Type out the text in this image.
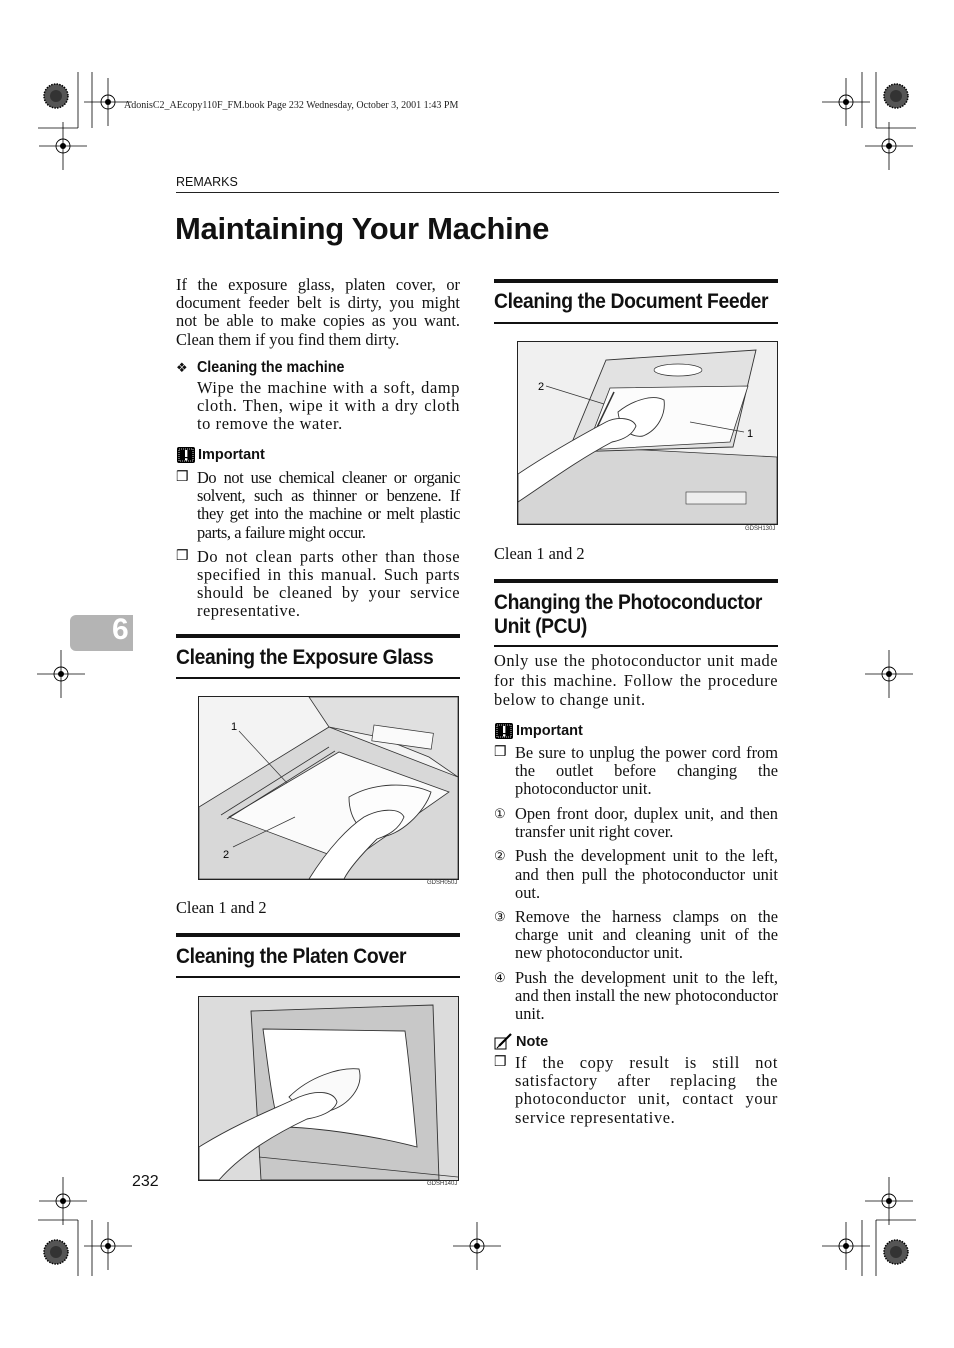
AdonisC2_AEcopy110F_FM.book Page 232 Wednesday, October 3, 2001 1:43 PM
REMARKS
Maintaining Your Machine
6

If the exposure glass, platen cover, or document feeder belt is dirty, you might not be able to make copies as you want. Clean them if you find them dirty.

❖ Cleaning the machine

Wipe the machine with a soft, damp cloth. Then, wipe it with a dry cloth to remove the water.

Important
❒ Do not use chemical cleaner or organic solvent, such as thinner or benzene. If they get into the machine or melt plastic parts, a failure might occur.
❒ Do not clean parts other than those specified in this manual. Such parts should be cleaned by your service representative.
Cleaning the Exposure Glass
1
2
GDSH050J
Clean 1 and 2
Cleaning the Platen Cover
GDSH140J
232
Cleaning the Document Feeder
2
1
GDSH130J
Clean 1 and 2
Changing the Photoconductor
Unit (PCU)

Only use the photoconductor unit made for this machine. Follow the procedure below to change unit.

Important
❒ Be sure to unplug the power cord from the outlet before changing the photoconductor unit.
① Open front door, duplex unit, and then transfer unit right cover.
② Push the development unit to the left, and then pull the photoconductor unit out.
③ Remove the harness clamps on the charge unit and cleaning unit of the new photoconductor unit.
④ Push the development unit to the left, and then install the new photoconductor unit.
Note
❒ If the copy result is still not satisfactory after replacing the photoconductor unit, contact your service representative.
